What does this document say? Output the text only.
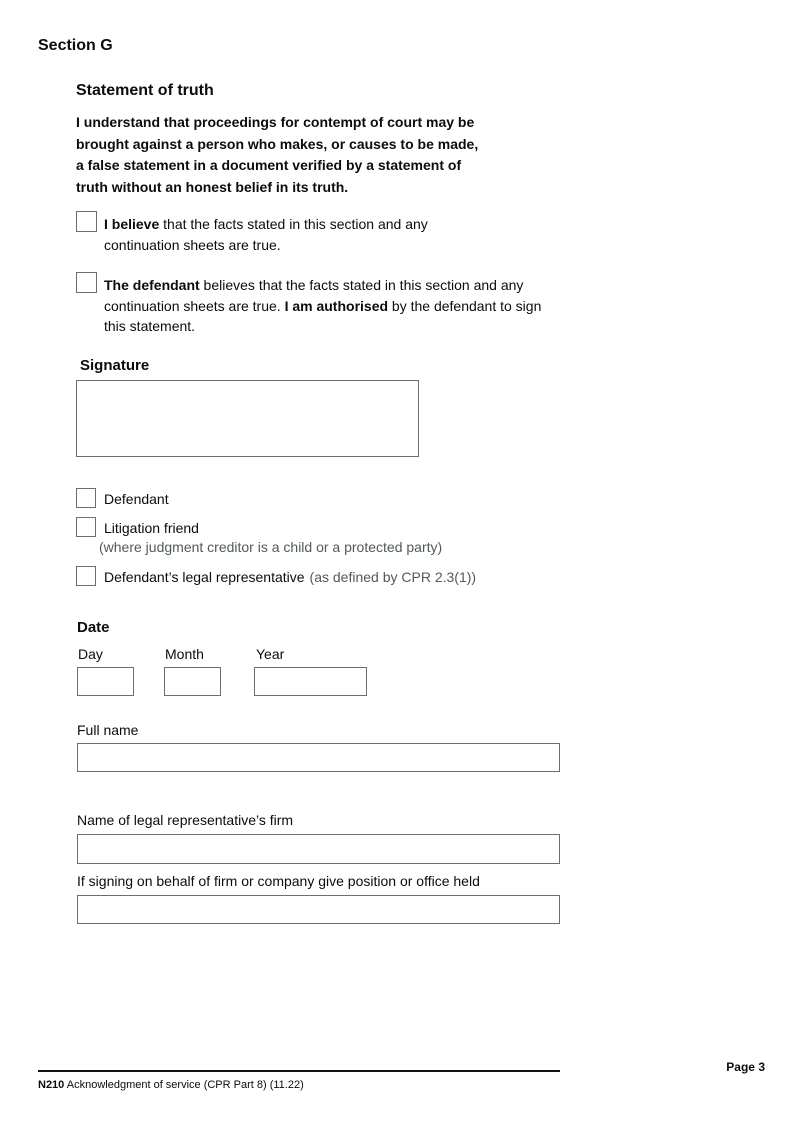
Section G
Statement of truth
I understand that proceedings for contempt of court may be
brought against a person who makes, or causes to be made,
a false statement in a document verified by a statement of
truth without an honest belief in its truth.
I believe that the facts stated in this section and any continuation sheets are true.
The defendant believes that the facts stated in this section and any continuation sheets are true. I am authorised by the defendant to sign this statement.
Signature
Defendant
Litigation friend
(where judgment creditor is a child or a protected party)
Defendant’s legal representative (as defined by CPR 2.3(1))
Date
Day	Month	Year
Full name
Name of legal representative’s firm
If signing on behalf of firm or company give position or office held
Page 3
N210 Acknowledgment of service (CPR Part 8) (11.22)
